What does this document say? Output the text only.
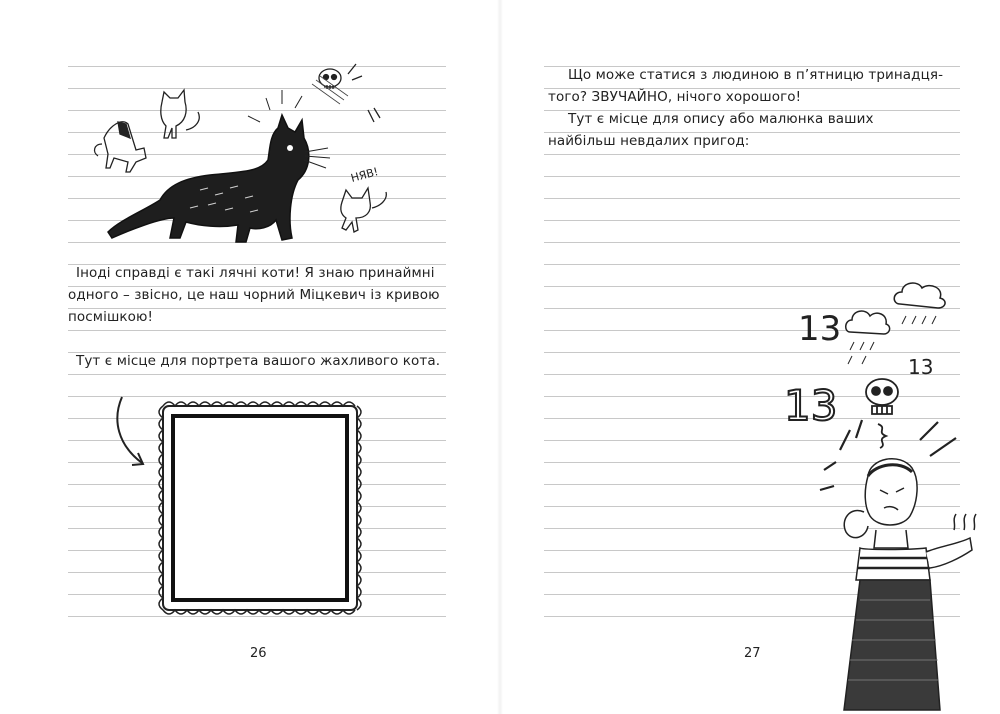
НЯВ!
Іноді справді є такі лячні коти! Я знаю принаймні
одного – звісно, це наш чорний Міцкевич із кривою
посмішкою!
Тут є місце для портрета вашого жахливого кота.
26
Що може статися з людиною в п’ятницю тринадця-
того? ЗВУЧАЙНО, нічого хорошого!
Тут є місце для опису або малюнка ваших
найбільш невдалих пригод:
13
13
13
27
